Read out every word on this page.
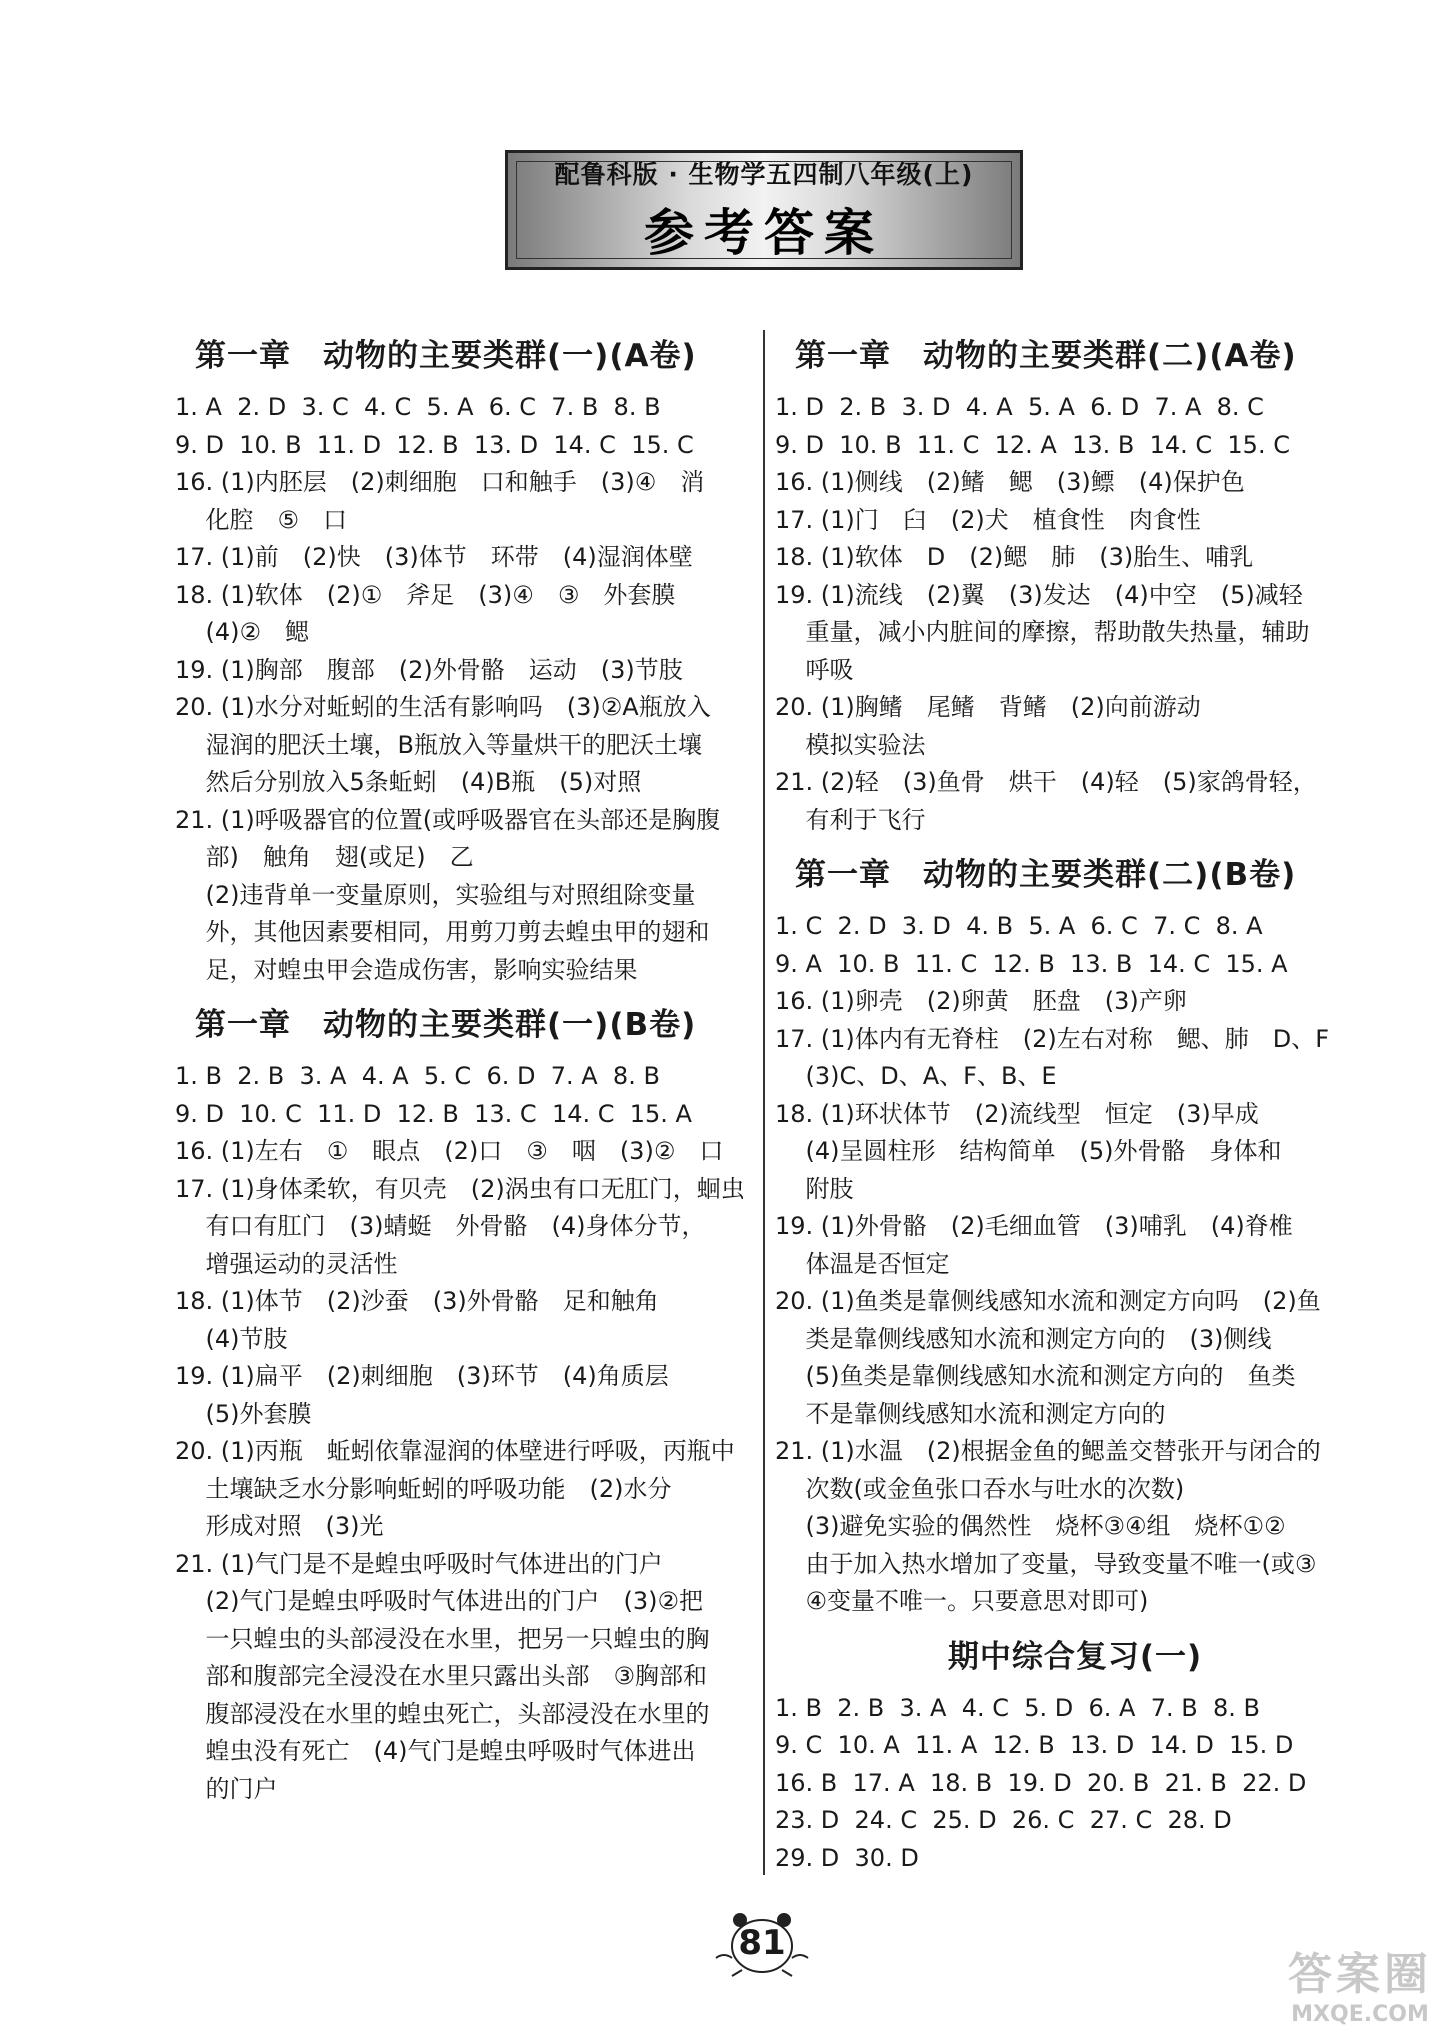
配鲁科版 · 生物学五四制八年级(上)
参考答案
第一章　动物的主要类群(一)(A卷)

1. A  2. D  3. C  4. C  5. A  6. C  7. B  8. B

9. D  10. B  11. D  12. B  13. D  14. C  15. C

16. (1)内胚层　(2)刺细胞　口和触手　(3)④　消

化腔　⑤　口

17. (1)前　(2)快　(3)体节　环带　(4)湿润体壁

18. (1)软体　(2)①　斧足　(3)④　③　外套膜

(4)②　鳃

19. (1)胸部　腹部　(2)外骨骼　运动　(3)节肢

20. (1)水分对蚯蚓的生活有影响吗　(3)②A瓶放入

湿润的肥沃土壤，B瓶放入等量烘干的肥沃土壤

然后分别放入5条蚯蚓　(4)B瓶　(5)对照

21. (1)呼吸器官的位置(或呼吸器官在头部还是胸腹

部)　触角　翅(或足)　乙

(2)违背单一变量原则，实验组与对照组除变量

外，其他因素要相同，用剪刀剪去蝗虫甲的翅和

足，对蝗虫甲会造成伤害，影响实验结果

第一章　动物的主要类群(一)(B卷)

1. B  2. B  3. A  4. A  5. C  6. D  7. A  8. B

9. D  10. C  11. D  12. B  13. C  14. C  15. A

16. (1)左右　①　眼点　(2)口　③　咽　(3)②　口

17. (1)身体柔软，有贝壳　(2)涡虫有口无肛门，蛔虫

有口有肛门　(3)蜻蜓　外骨骼　(4)身体分节，

增强运动的灵活性

18. (1)体节　(2)沙蚕　(3)外骨骼　足和触角

(4)节肢

19. (1)扁平　(2)刺细胞　(3)环节　(4)角质层

(5)外套膜

20. (1)丙瓶　蚯蚓依靠湿润的体壁进行呼吸，丙瓶中

土壤缺乏水分影响蚯蚓的呼吸功能　(2)水分

形成对照　(3)光

21. (1)气门是不是蝗虫呼吸时气体进出的门户

(2)气门是蝗虫呼吸时气体进出的门户　(3)②把

一只蝗虫的头部浸没在水里，把另一只蝗虫的胸

部和腹部完全浸没在水里只露出头部　③胸部和

腹部浸没在水里的蝗虫死亡，头部浸没在水里的

蝗虫没有死亡　(4)气门是蝗虫呼吸时气体进出

的门户

第一章　动物的主要类群(二)(A卷)

1. D  2. B  3. D  4. A  5. A  6. D  7. A  8. C

9. D  10. B  11. C  12. A  13. B  14. C  15. C

16. (1)侧线　(2)鳍　鳃　(3)鳔　(4)保护色

17. (1)门　臼　(2)犬　植食性　肉食性

18. (1)软体　D　(2)鳃　肺　(3)胎生、哺乳

19. (1)流线　(2)翼　(3)发达　(4)中空　(5)减轻

重量，减小内脏间的摩擦，帮助散失热量，辅助

呼吸

20. (1)胸鳍　尾鳍　背鳍　(2)向前游动

模拟实验法

21. (2)轻　(3)鱼骨　烘干　(4)轻　(5)家鸽骨轻，

有利于飞行

第一章　动物的主要类群(二)(B卷)

1. C  2. D  3. D  4. B  5. A  6. C  7. C  8. A

9. A  10. B  11. C  12. B  13. B  14. C  15. A

16. (1)卵壳　(2)卵黄　胚盘　(3)产卵

17. (1)体内有无脊柱　(2)左右对称　鳃、肺　D、F

(3)C、D、A、F、B、E

18. (1)环状体节　(2)流线型　恒定　(3)早成

(4)呈圆柱形　结构简单　(5)外骨骼　身体和

附肢

19. (1)外骨骼　(2)毛细血管　(3)哺乳　(4)脊椎

体温是否恒定

20. (1)鱼类是靠侧线感知水流和测定方向吗　(2)鱼

类是靠侧线感知水流和测定方向的　(3)侧线

(5)鱼类是靠侧线感知水流和测定方向的　鱼类

不是靠侧线感知水流和测定方向的

21. (1)水温　(2)根据金鱼的鳃盖交替张开与闭合的

次数(或金鱼张口吞水与吐水的次数)

(3)避免实验的偶然性　烧杯③④组　烧杯①②

由于加入热水增加了变量，导致变量不唯一(或③

④变量不唯一。只要意思对即可)

期中综合复习(一)

1. B  2. B  3. A  4. C  5. D  6. A  7. B  8. B

9. C  10. A  11. A  12. B  13. D  14. D  15. D

16. B  17. A  18. B  19. D  20. B  21. B  22. D

23. D  24. C  25. D  26. C  27. C  28. D

29. D  30. D

81
答案圈
MXQE.COM
